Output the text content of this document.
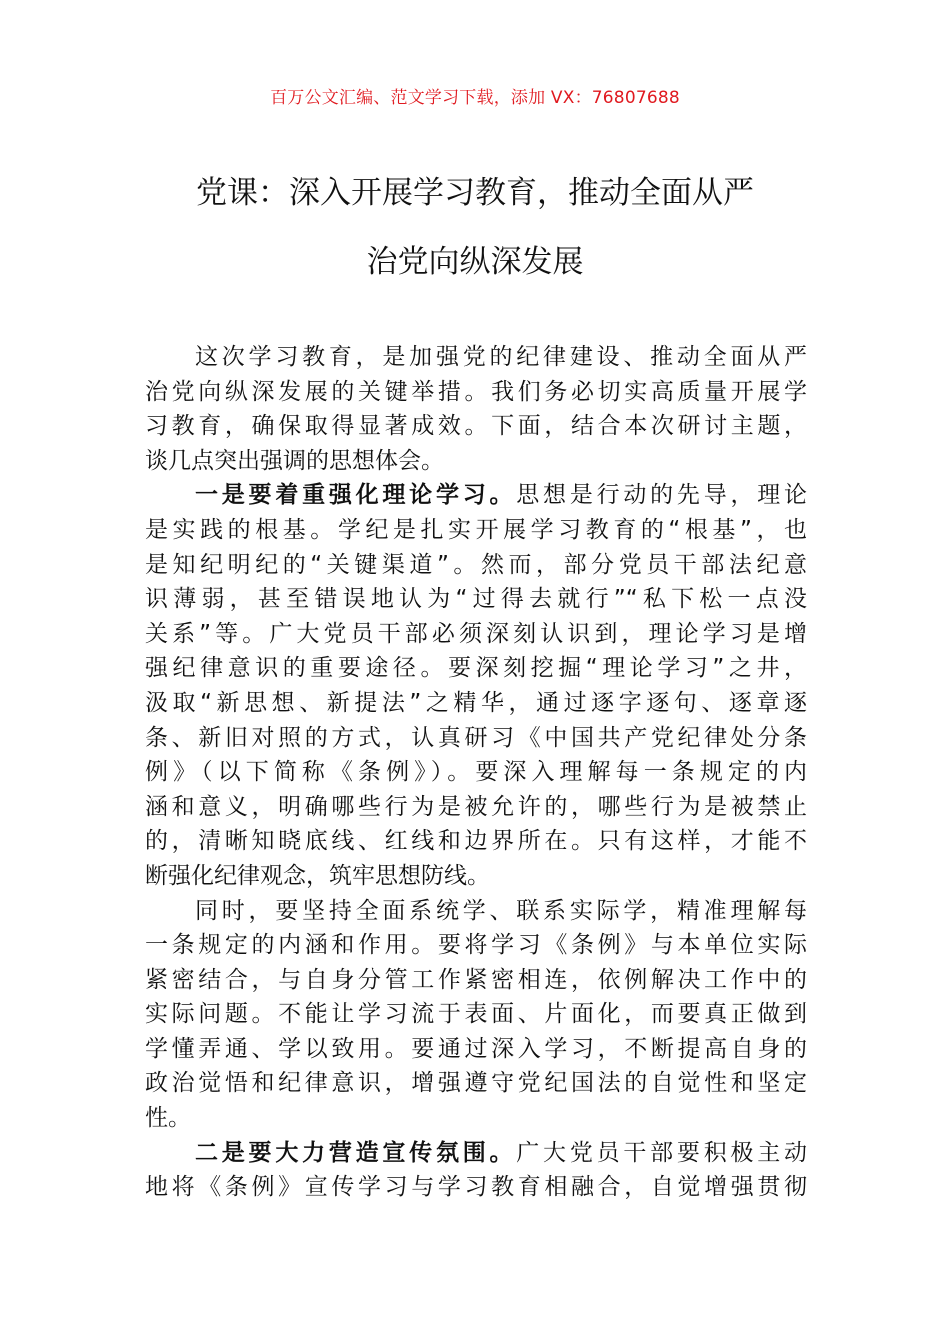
百万公文汇编、范文学习下载，添加 VX：76807688
党课：深入开展学习教育，推动全面从严
治党向纵深发展
这次学习教育，是加强党的纪律建设、推动全面从严
治党向纵深发展的关键举措。我们务必切实高质量开展学
习教育，确保取得显著成效。下面，结合本次研讨主题，
谈几点突出强调的思想体会。
一是要着重强化理论学习。思想是行动的先导，理论
是实践的根基。学纪是扎实开展学习教育的“根基”，也
是知纪明纪的“关键渠道”。然而，部分党员干部法纪意
识薄弱，甚至错误地认为“过得去就行”“私下松一点没
关系”等。广大党员干部必须深刻认识到，理论学习是增
强纪律意识的重要途径。要深刻挖掘“理论学习”之井，
汲取“新思想、新提法”之精华，通过逐字逐句、逐章逐
条、新旧对照的方式，认真研习《中国共产党纪律处分条
例》（以下简称《条例》）。要深入理解每一条规定的内
涵和意义，明确哪些行为是被允许的，哪些行为是被禁止
的，清晰知晓底线、红线和边界所在。只有这样，才能不
断强化纪律观念，筑牢思想防线。
同时，要坚持全面系统学、联系实际学，精准理解每
一条规定的内涵和作用。要将学习《条例》与本单位实际
紧密结合，与自身分管工作紧密相连，依例解决工作中的
实际问题。不能让学习流于表面、片面化，而要真正做到
学懂弄通、学以致用。要通过深入学习，不断提高自身的
政治觉悟和纪律意识，增强遵守党纪国法的自觉性和坚定
性。
二是要大力营造宣传氛围。广大党员干部要积极主动
地将《条例》宣传学习与学习教育相融合，自觉增强贯彻
